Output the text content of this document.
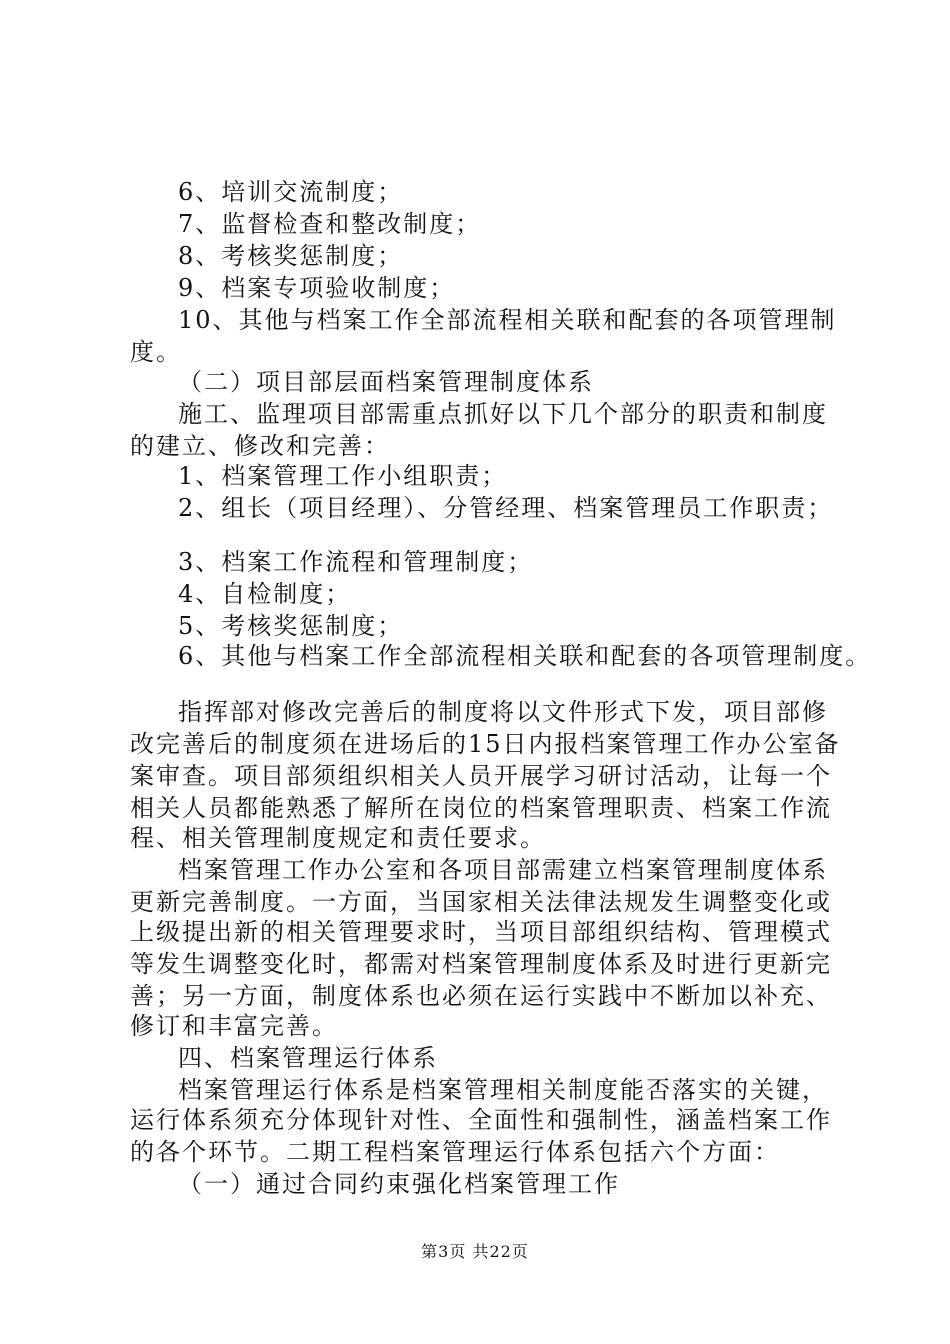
6、培训交流制度；
7、监督检查和整改制度；
8、考核奖惩制度；
9、档案专项验收制度；
10、其他与档案工作全部流程相关联和配套的各项管理制
度。
（二）项目部层面档案管理制度体系
施工、监理项目部需重点抓好以下几个部分的职责和制度
的建立、修改和完善：
1、档案管理工作小组职责；
2、组长（项目经理）、分管经理、档案管理员工作职责；
3、档案工作流程和管理制度；
4、自检制度；
5、考核奖惩制度；
6、其他与档案工作全部流程相关联和配套的各项管理制度。
指挥部对修改完善后的制度将以文件形式下发，项目部修
改完善后的制度须在进场后的15日内报档案管理工作办公室备
案审查。项目部须组织相关人员开展学习研讨活动，让每一个
相关人员都能熟悉了解所在岗位的档案管理职责、档案工作流
程、相关管理制度规定和责任要求。
档案管理工作办公室和各项目部需建立档案管理制度体系
更新完善制度。一方面，当国家相关法律法规发生调整变化或
上级提出新的相关管理要求时，当项目部组织结构、管理模式
等发生调整变化时，都需对档案管理制度体系及时进行更新完
善；另一方面，制度体系也必须在运行实践中不断加以补充、
修订和丰富完善。
四、档案管理运行体系
档案管理运行体系是档案管理相关制度能否落实的关键，
运行体系须充分体现针对性、全面性和强制性，涵盖档案工作
的各个环节。二期工程档案管理运行体系包括六个方面：
（一）通过合同约束强化档案管理工作
第3页 共22页
